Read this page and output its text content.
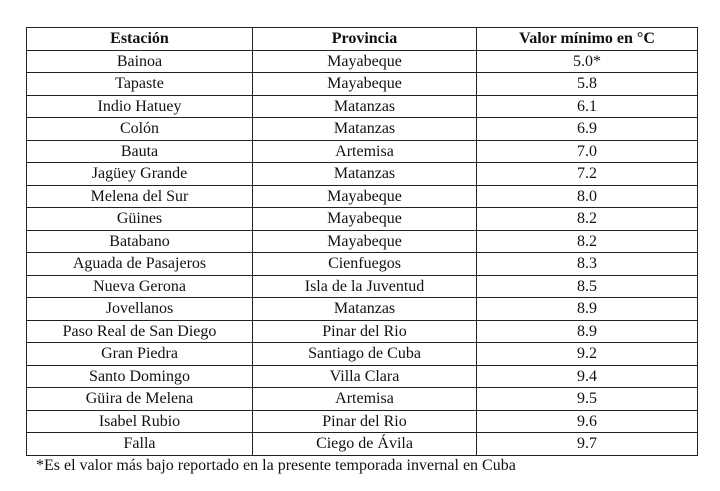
Estación	Provincia	Valor mínimo en °C
Bainoa	Mayabeque	5.0*
Tapaste	Mayabeque	5.8
Indio Hatuey	Matanzas	6.1
Colón	Matanzas	6.9
Bauta	Artemisa	7.0
Jagüey Grande	Matanzas	7.2
Melena del Sur	Mayabeque	8.0
Güines	Mayabeque	8.2
Batabano	Mayabeque	8.2
Aguada de Pasajeros	Cienfuegos	8.3
Nueva Gerona	Isla de la Juventud	8.5
Jovellanos	Matanzas	8.9
Paso Real de San Diego	Pinar del Rio	8.9
Gran Piedra	Santiago de Cuba	9.2
Santo Domingo	Villa Clara	9.4
Güira de Melena	Artemisa	9.5
Isabel Rubio	Pinar del Rio	9.6
Falla	Ciego de Ávila	9.7
*Es el valor más bajo reportado en la presente temporada invernal en Cuba
